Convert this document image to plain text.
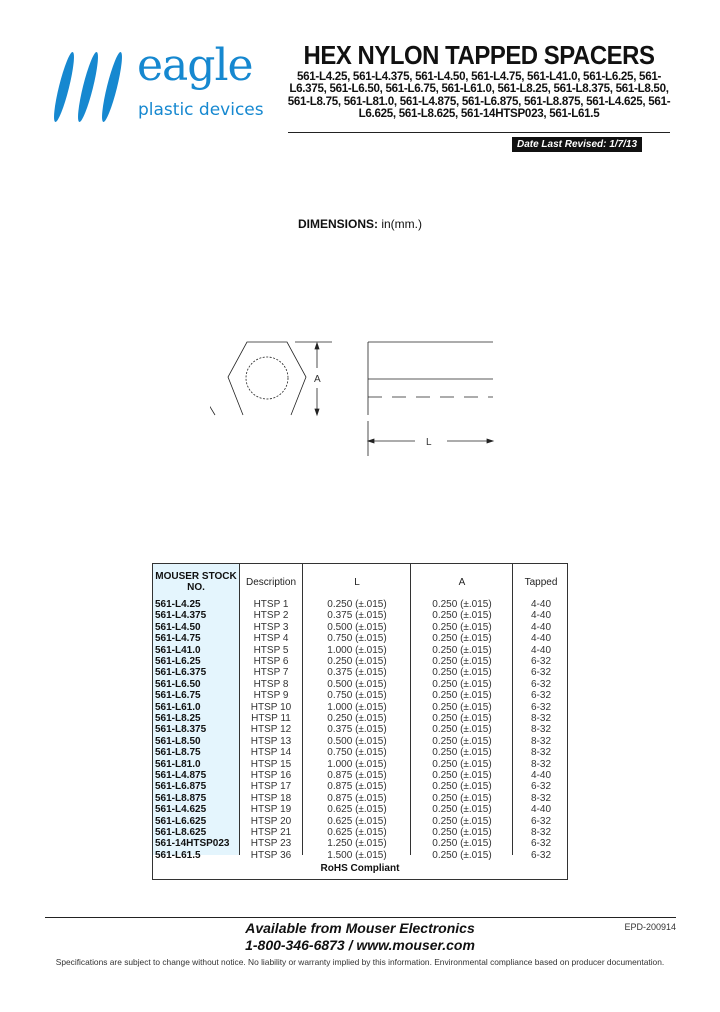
eagle
plastic devices
HEX NYLON TAPPED SPACERS
561-L4.25, 561-L4.375, 561-L4.50, 561-L4.75, 561-L41.0, 561-L6.25, 561-L6.375, 561-L6.50, 561-L6.75, 561-L61.0, 561-L8.25, 561-L8.375, 561-L8.50, 561-L8.75, 561-L81.0, 561-L4.875, 561-L6.875, 561-L8.875, 561-L4.625, 561-L6.625, 561-L8.625, 561-14HTSP023, 561-L61.5
Date Last Revised: 1/7/13
DIMENSIONS: in(mm.)
A
L
MOUSER STOCK NO.	Description	L	A	Tapped
561-L4.25	HTSP 1	0.250 (±.015)	0.250 (±.015)	4-40
561-L4.375	HTSP 2	0.375 (±.015)	0.250 (±.015)	4-40
561-L4.50	HTSP 3	0.500 (±.015)	0.250 (±.015)	4-40
561-L4.75	HTSP 4	0.750 (±.015)	0.250 (±.015)	4-40
561-L41.0	HTSP 5	1.000 (±.015)	0.250 (±.015)	4-40
561-L6.25	HTSP 6	0.250 (±.015)	0.250 (±.015)	6-32
561-L6.375	HTSP 7	0.375 (±.015)	0.250 (±.015)	6-32
561-L6.50	HTSP 8	0.500 (±.015)	0.250 (±.015)	6-32
561-L6.75	HTSP 9	0.750 (±.015)	0.250 (±.015)	6-32
561-L61.0	HTSP 10	1.000 (±.015)	0.250 (±.015)	6-32
561-L8.25	HTSP 11	0.250 (±.015)	0.250 (±.015)	8-32
561-L8.375	HTSP 12	0.375 (±.015)	0.250 (±.015)	8-32
561-L8.50	HTSP 13	0.500 (±.015)	0.250 (±.015)	8-32
561-L8.75	HTSP 14	0.750 (±.015)	0.250 (±.015)	8-32
561-L81.0	HTSP 15	1.000 (±.015)	0.250 (±.015)	8-32
561-L4.875	HTSP 16	0.875 (±.015)	0.250 (±.015)	4-40
561-L6.875	HTSP 17	0.875 (±.015)	0.250 (±.015)	6-32
561-L8.875	HTSP 18	0.875 (±.015)	0.250 (±.015)	8-32
561-L4.625	HTSP 19	0.625 (±.015)	0.250 (±.015)	4-40
561-L6.625	HTSP 20	0.625 (±.015)	0.250 (±.015)	6-32
561-L8.625	HTSP 21	0.625 (±.015)	0.250 (±.015)	8-32
561-14HTSP023	HTSP 23	1.250 (±.015)	0.250 (±.015)	6-32
561-L61.5	HTSP 36	1.500 (±.015)	0.250 (±.015)	6-32
RoHS Compliant
Available from Mouser Electronics
1-800-346-6873 / www.mouser.com
EPD-200914
Specifications are subject to change without notice. No liability or warranty implied by this information. Environmental compliance based on producer documentation.
